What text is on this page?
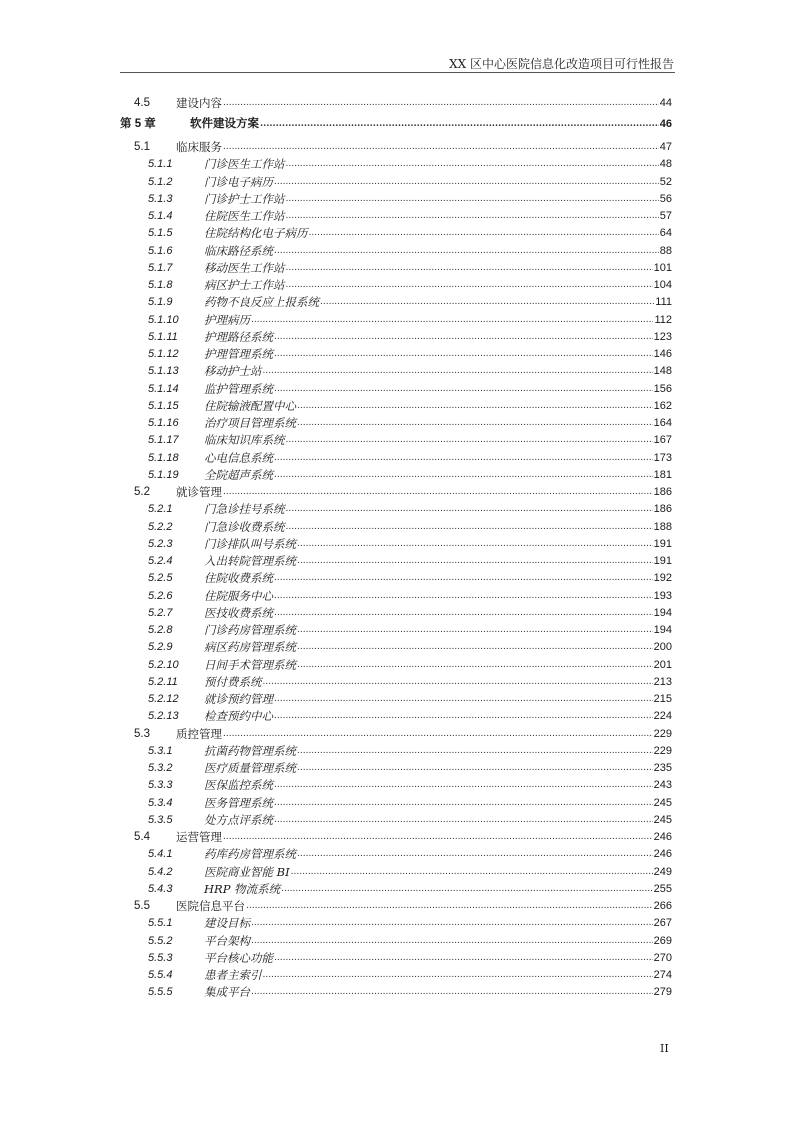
XX 区中心医院信息化改造项目可行性报告
.....
4.5 建设内容	44
.....
第 5 章	软件建设方案	46
.....
5.1 临床服务	47
.....
5.1.1	门诊医生工作站	48
.....
5.1.2	门诊电子病历	52
.....
5.1.3	门诊护士工作站	56
.....
5.1.4	住院医生工作站	57
.....
5.1.5	住院结构化电子病历	64
.....
5.1.6	临床路径系统	88
.....
5.1.7	移动医生工作站	101
.....
5.1.8	病区护士工作站	104
.....
5.1.9	药物不良反应上报系统	111
.....
5.1.10 护理病历	112
.....
5.1.11 护理路径系统	123
.....
5.1.12 护理管理系统	146
.....
5.1.13 移动护士站	148
.....
5.1.14 监护管理系统	156
.....
5.1.15 住院输液配置中心	162
.....
5.1.16 治疗项目管理系统	164
.....
5.1.17 临床知识库系统	167
.....
5.1.18 心电信息系统	173
.....
5.1.19 全院超声系统	181
.....
5.2 就诊管理	186
.....
5.2.1	门急诊挂号系统	186
.....
5.2.2	门急诊收费系统	188
.....
5.2.3	门诊排队叫号系统	191
.....
5.2.4	入出转院管理系统	191
.....
5.2.5	住院收费系统	192
.....
5.2.6	住院服务中心	193
.....
5.2.7	医技收费系统	194
.....
5.2.8	门诊药房管理系统	194
.....
5.2.9	病区药房管理系统	200
.....
5.2.10 日间手术管理系统	201
.....
5.2.11 预付费系统	213
.....
5.2.12 就诊预约管理	215
.....
5.2.13 检查预约中心	224
.....
5.3 质控管理	229
.....
5.3.1	抗菌药物管理系统	229
.....
5.3.2	医疗质量管理系统	235
.....
5.3.3	医保监控系统	243
.....
5.3.4	医务管理系统	245
.....
5.3.5	处方点评系统	245
.....
5.4 运营管理	246
.....
5.4.1	药库药房管理系统	246
.....
5.4.2	医院商业智能 BI	249
.....
5.4.3	HRP 物流系统	255
.....
5.5 医院信息平台	266
.....
5.5.1	建设目标	267
.....
5.5.2	平台架构	269
.....
5.5.3	平台核心功能	270
.....
5.5.4	患者主索引	274
.....
5.5.5	集成平台	279
II
